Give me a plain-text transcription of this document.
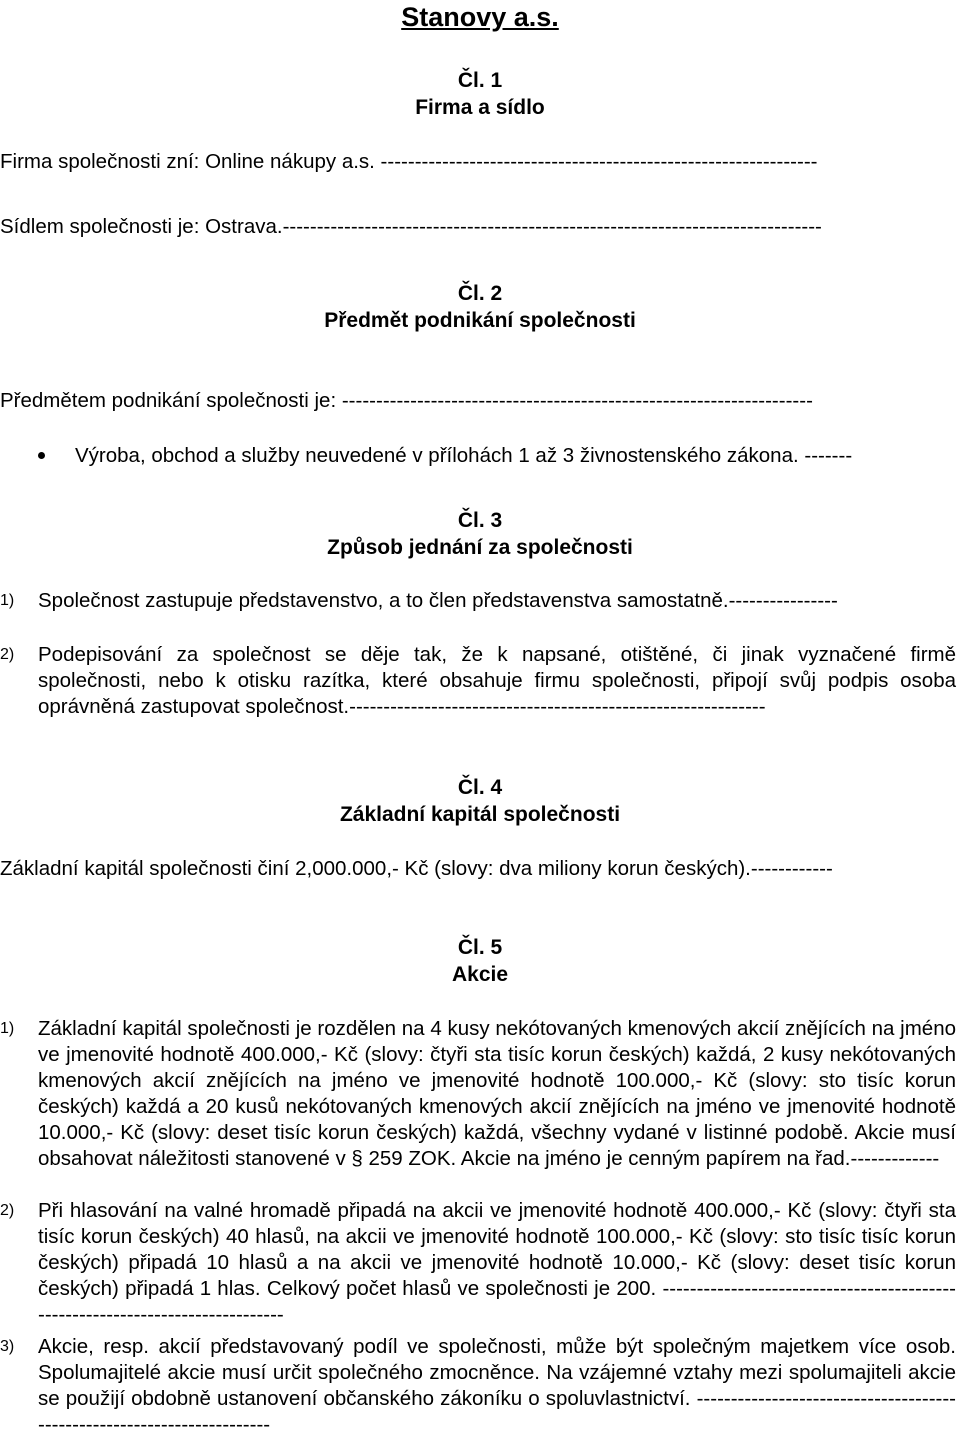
Stanovy a.s.
Čl. 1
Firma a sídlo
Firma společnosti zní: Online nákupy a.s. ----------------------------------------------------------------
Sídlem společnosti je: Ostrava.-------------------------------------------------------------------------------
Čl. 2
Předmět podnikání společnosti
Předmětem podnikání společnosti je: ---------------------------------------------------------------------
Výroba, obchod a služby neuvedené v přílohách 1 až 3 živnostenského zákona. -------
Čl. 3
Způsob jednání za společnosti
1) Společnost zastupuje představenstvo, a to člen představenstva samostatně.----------------
2) Podepisování za společnost se děje tak, že k napsané, otištěné, či jinak vyznačené firmě společnosti, nebo k otisku razítka, které obsahuje firmu společnosti, připojí svůj podpis osoba oprávněná zastupovat společnost.-------------------------------------------------------------
Čl. 4
Základní kapitál společnosti
Základní kapitál společnosti činí 2,000.000,- Kč (slovy: dva miliony korun českých).------------
Čl. 5
Akcie
1) Základní kapitál společnosti je rozdělen na 4 kusy nekótovaných kmenových akcií znějících na jméno ve jmenovité hodnotě 400.000,- Kč (slovy: čtyři sta tisíc korun českých) každá, 2 kusy nekótovaných kmenových akcií znějících na jméno ve jmenovité hodnotě 100.000,- Kč (slovy: sto tisíc korun českých) každá a 20 kusů nekótovaných kmenových akcií znějících na jméno ve jmenovité hodnotě 10.000,- Kč (slovy: deset tisíc korun českých) každá, všechny vydané v listinné podobě. Akcie musí obsahovat náležitosti stanovené v § 259 ZOK. Akcie na jméno je cenným papírem na řad.-------------
2) Při hlasování na valné hromadě připadá na akcii ve jmenovité hodnotě 400.000,- Kč (slovy: čtyři sta tisíc korun českých) 40 hlasů, na akcii ve jmenovité hodnotě 100.000,- Kč (slovy: sto tisíc tisíc korun českých) připadá 10 hlasů a na akcii ve jmenovité hodnotě 10.000,- Kč (slovy: deset tisíc korun českých) připadá 1 hlas. Celkový počet hlasů ve společnosti je 200. -------------------------------------------------------------------------------
3) Akcie, resp. akcií představovaný podíl ve společnosti, může být společným majetkem více osob. Spolumajitelé akcie musí určit společného zmocněnce. Na vzájemné vztahy mezi spolumajiteli akcie se použijí obdobně ustanovení občanského zákoníku o spoluvlastnictví. ------------------------------------------------------------------------
